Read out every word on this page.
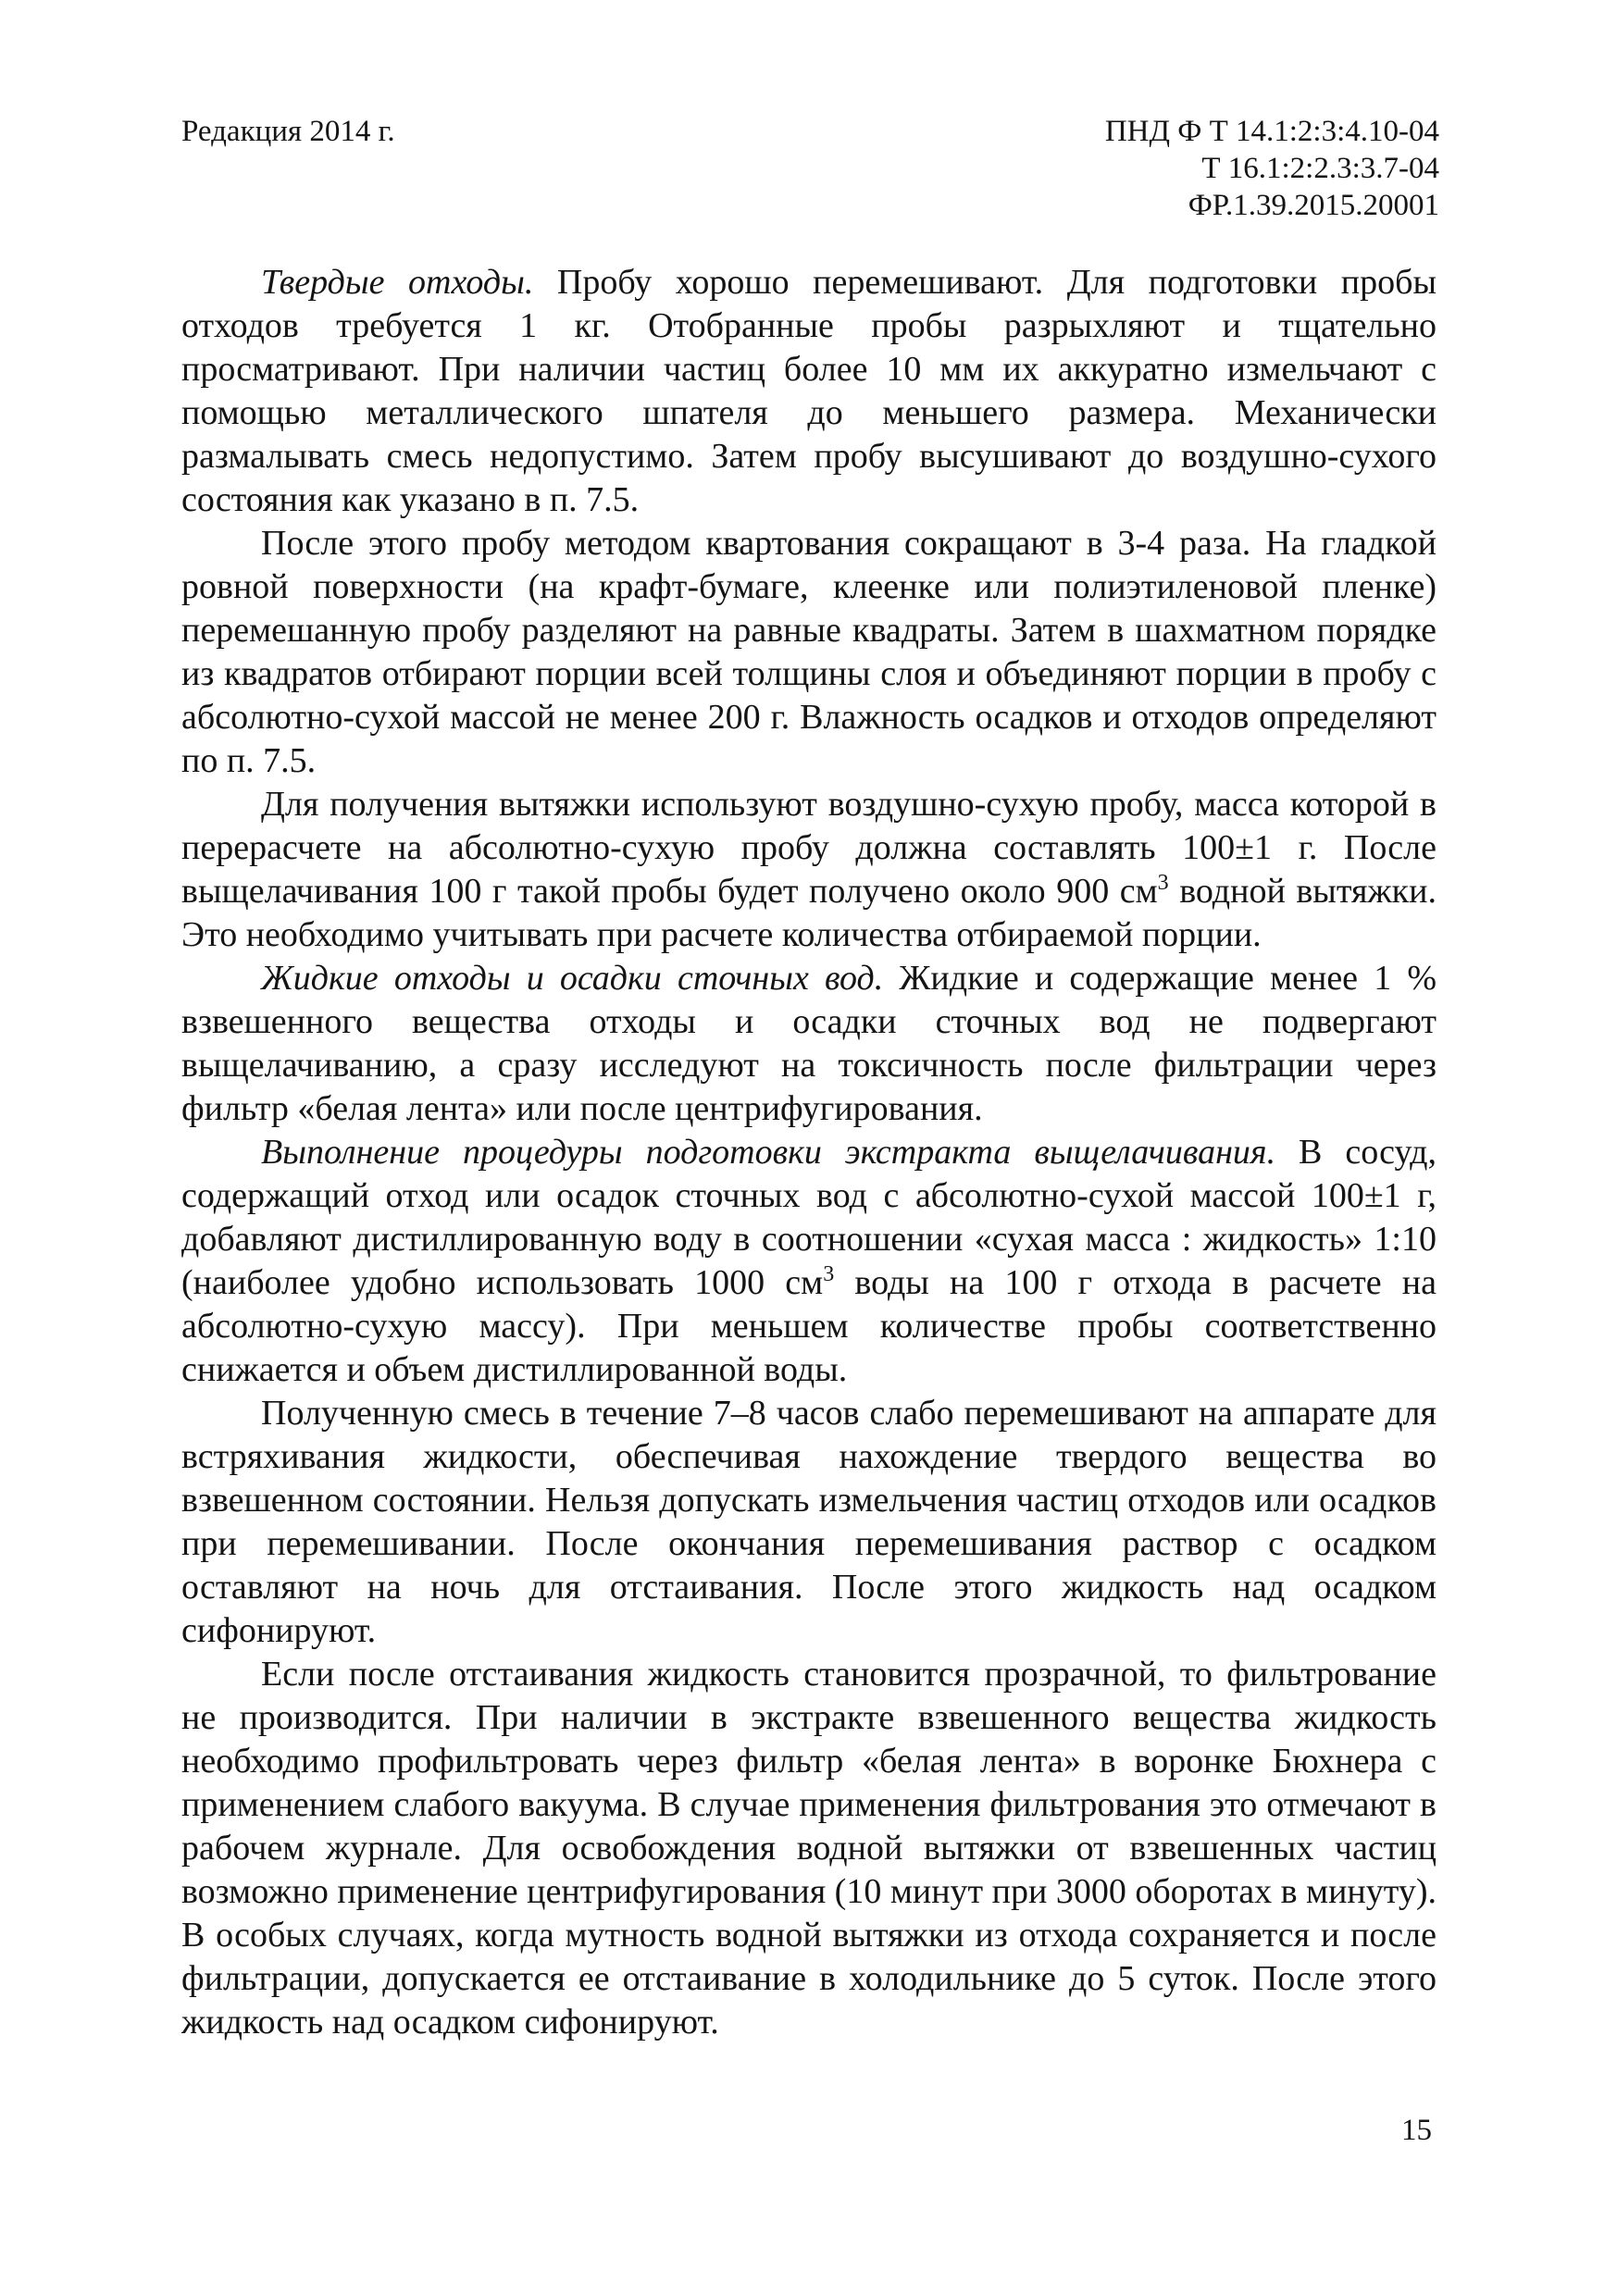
Редакция 2014 г.	ПНД Ф Т 14.1:2:3:4.10-04
Т 16.1:2:2.3:3.7-04
ФР.1.39.2015.20001

Твердые отходы. Пробу хорошо перемешивают. Для подготовки пробы отходов требуется 1 кг. Отобранные пробы разрыхляют и тщательно просматривают. При наличии частиц более 10 мм их аккуратно измельчают с помощью металлического шпателя до меньшего размера. Механически размалывать смесь недопустимо. Затем пробу высушивают до воздушно-сухого состояния как указано в п. 7.5.

После этого пробу методом квартования сокращают в 3-4 раза. На гладкой ровной поверхности (на крафт-бумаге, клеенке или полиэтиленовой пленке) перемешанную пробу разделяют на равные квадраты. Затем в шахматном порядке из квадратов отбирают порции всей толщины слоя и объединяют порции в пробу с абсолютно-сухой массой не менее 200 г. Влажность осадков и отходов определяют по п. 7.5.

Для получения вытяжки используют воздушно-сухую пробу, масса которой в перерасчете на абсолютно-сухую пробу должна составлять 100±1 г. После выщелачивания 100 г такой пробы будет получено около 900 $см^3$ водной вытяжки. Это необходимо учитывать при расчете количества отбираемой порции.

Жидкие отходы и осадки сточных вод. Жидкие и содержащие менее 1 % взвешенного вещества отходы и осадки сточных вод не подвергают выщелачиванию, а сразу исследуют на токсичность после фильтрации через фильтр «белая лента» или после центрифугирования.

Выполнение процедуры подготовки экстракта выщелачивания. В сосуд, содержащий отход или осадок сточных вод с абсолютно-сухой массой 100±1 г, добавляют дистиллированную воду в соотношении «сухая масса : жидкость» 1:10 (наиболее удобно использовать 1000 $см^3$ воды на 100 г отхода в расчете на абсолютно-сухую массу). При меньшем количестве пробы соответственно снижается и объем дистиллированной воды.

Полученную смесь в течение 7–8 часов слабо перемешивают на аппарате для встряхивания жидкости, обеспечивая нахождение твердого вещества во взвешенном состоянии. Нельзя допускать измельчения частиц отходов или осадков при перемешивании. После окончания перемешивания раствор с осадком оставляют на ночь для отстаивания. После этого жидкость над осадком сифонируют.

Если после отстаивания жидкость становится прозрачной, то фильтрование не производится. При наличии в экстракте взвешенного вещества жидкость необходимо профильтровать через фильтр «белая лента» в воронке Бюхнера с применением слабого вакуума. В случае применения фильтрования это отмечают в рабочем журнале. Для освобождения водной вытяжки от взвешенных частиц возможно применение центрифугирования (10 минут при 3000 оборотах в минуту). В особых случаях, когда мутность водной вытяжки из отхода сохраняется и после фильтрации, допускается ее отстаивание в холодильнике до 5 суток. После этого жидкость над осадком сифонируют.

15
